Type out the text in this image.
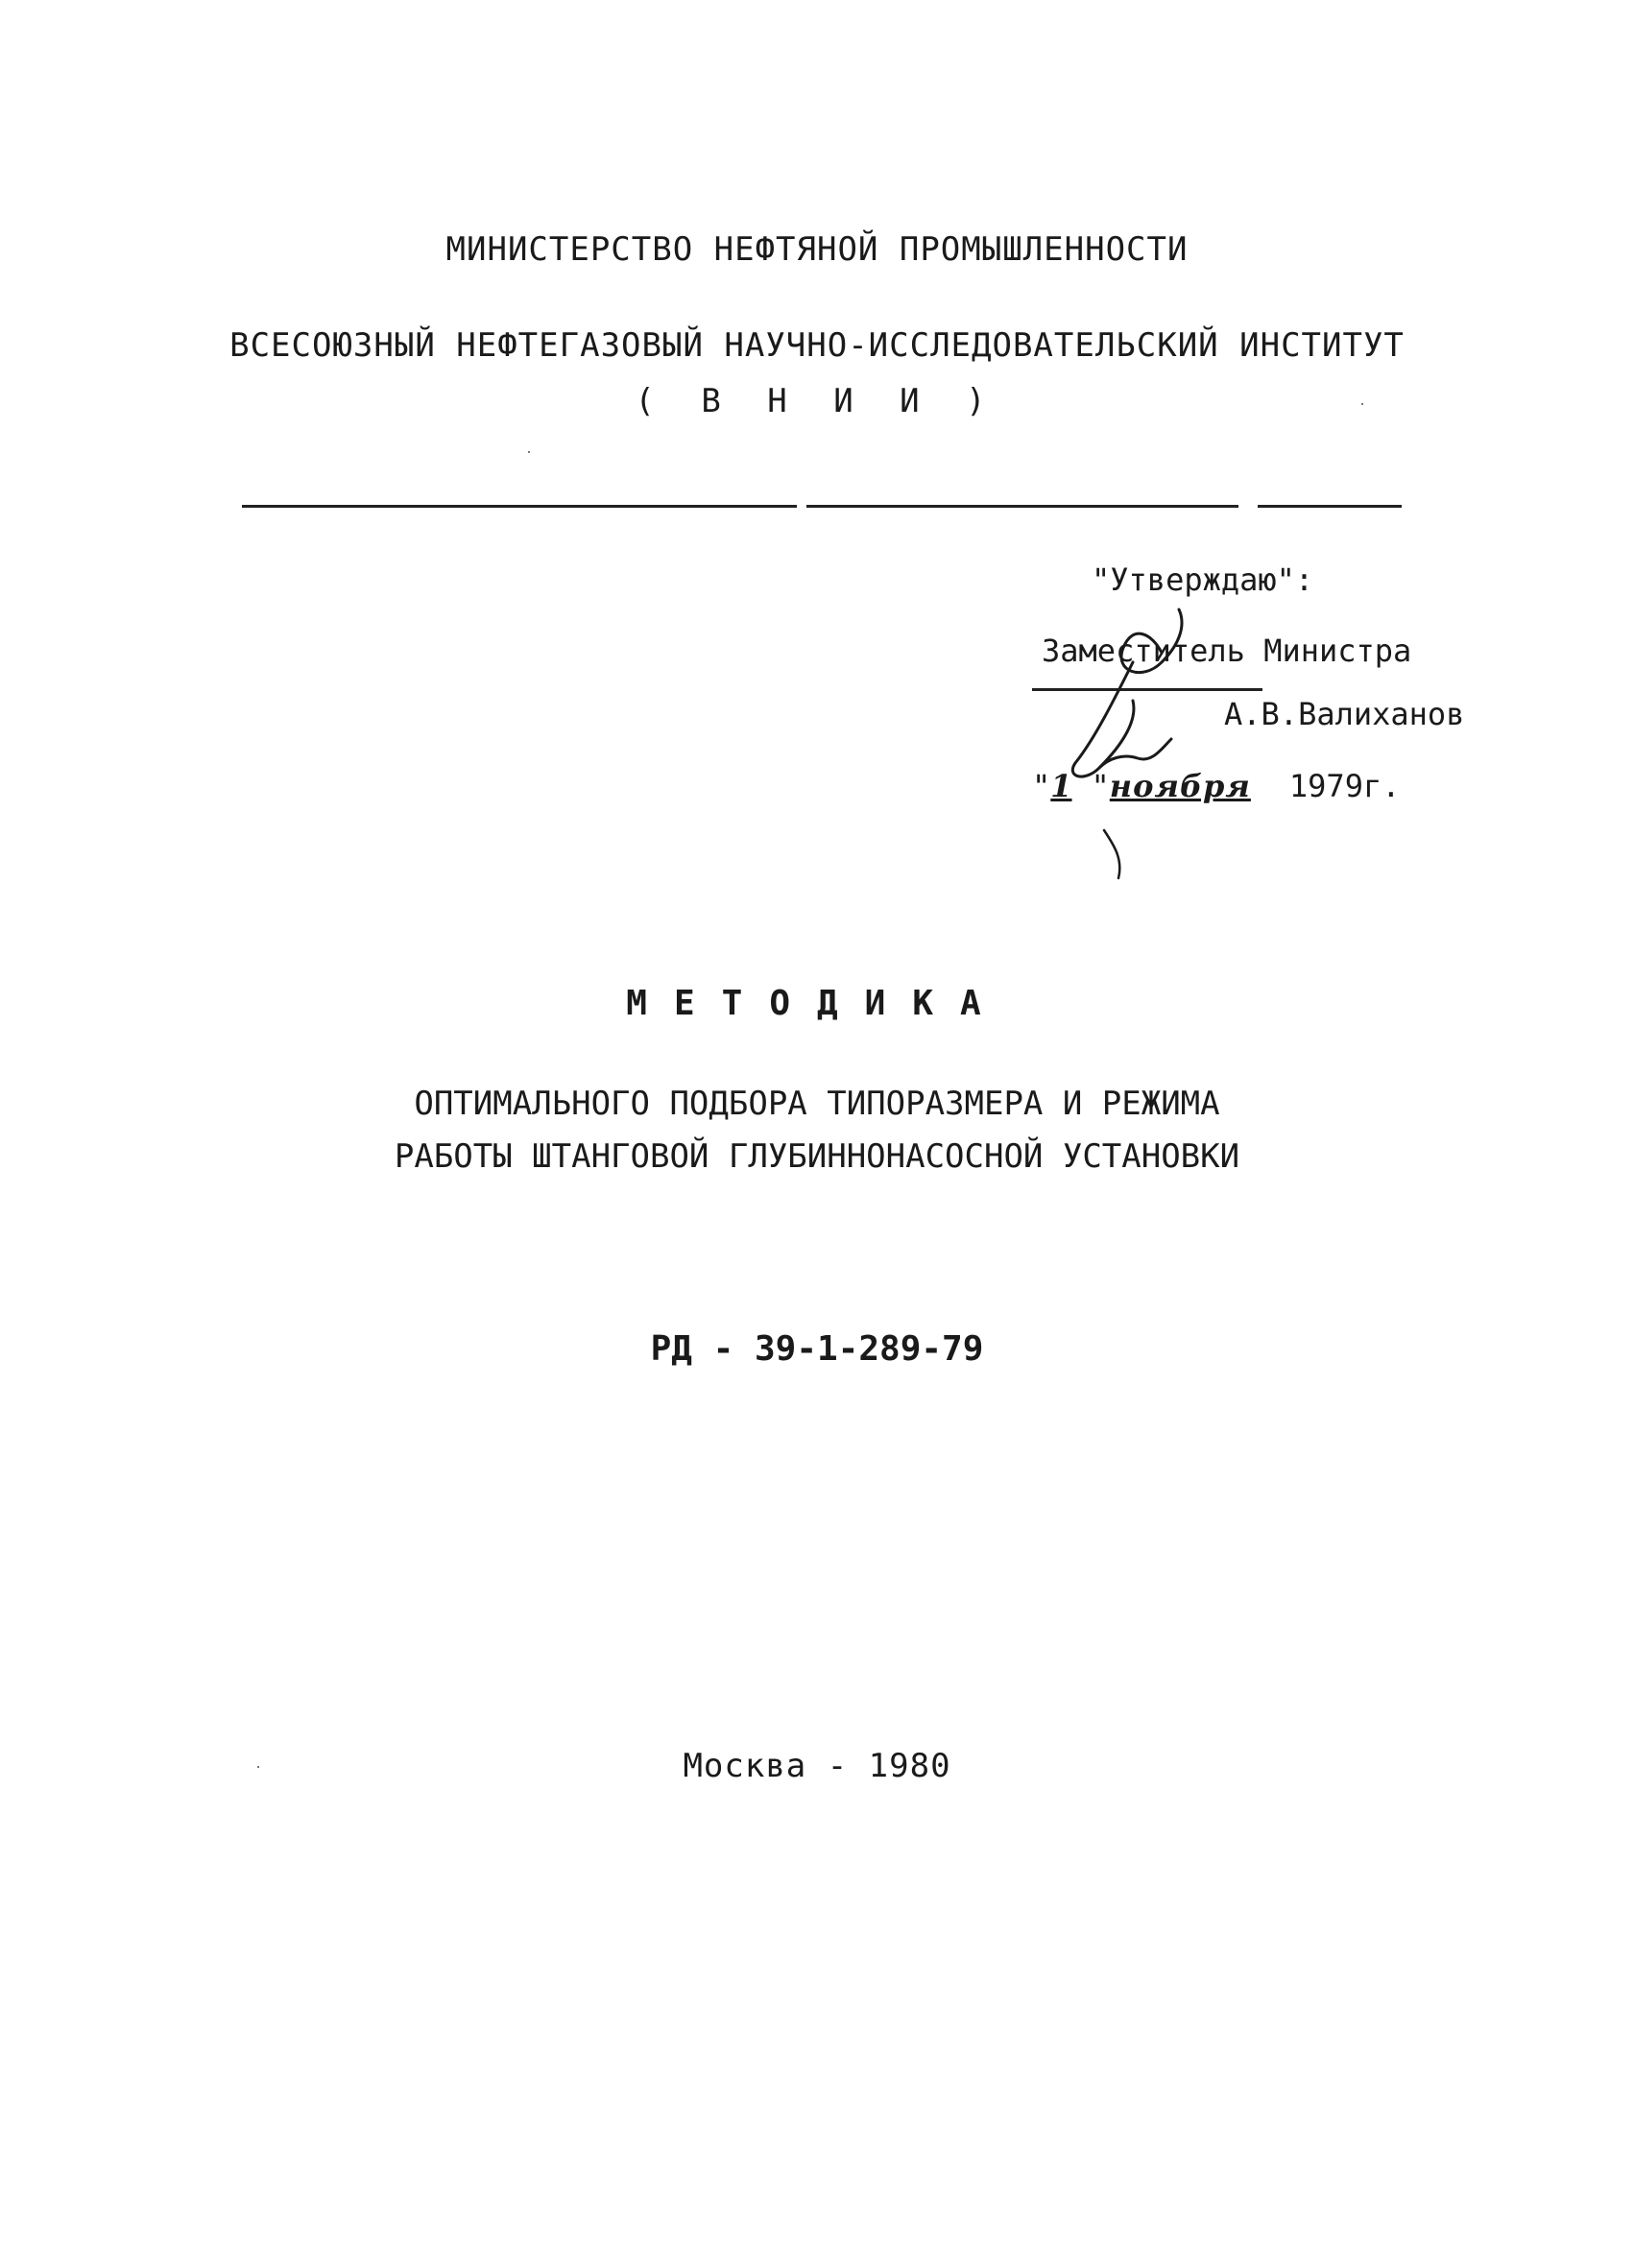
МИНИСТЕРСТВО НЕФТЯНОЙ ПРОМЫШЛЕННОСТИ
ВСЕСОЮЗНЫЙ НЕФТЕГАЗОВЫЙ НАУЧНО-ИССЛЕДОВАТЕЛЬСКИЙ ИНСТИТУТ
( В Н И И )
"Утверждаю":
Заместитель Министра
А.В.Валиханов
"1 "ноября 1979г.
МЕТОДИКА
ОПТИМАЛЬНОГО ПОДБОРА ТИПОРАЗМЕРА И РЕЖИМА
РАБОТЫ ШТАНГОВОЙ ГЛУБИННОНАСОСНОЙ УСТАНОВКИ
РД - 39-1-289-79
Москва - 1980
